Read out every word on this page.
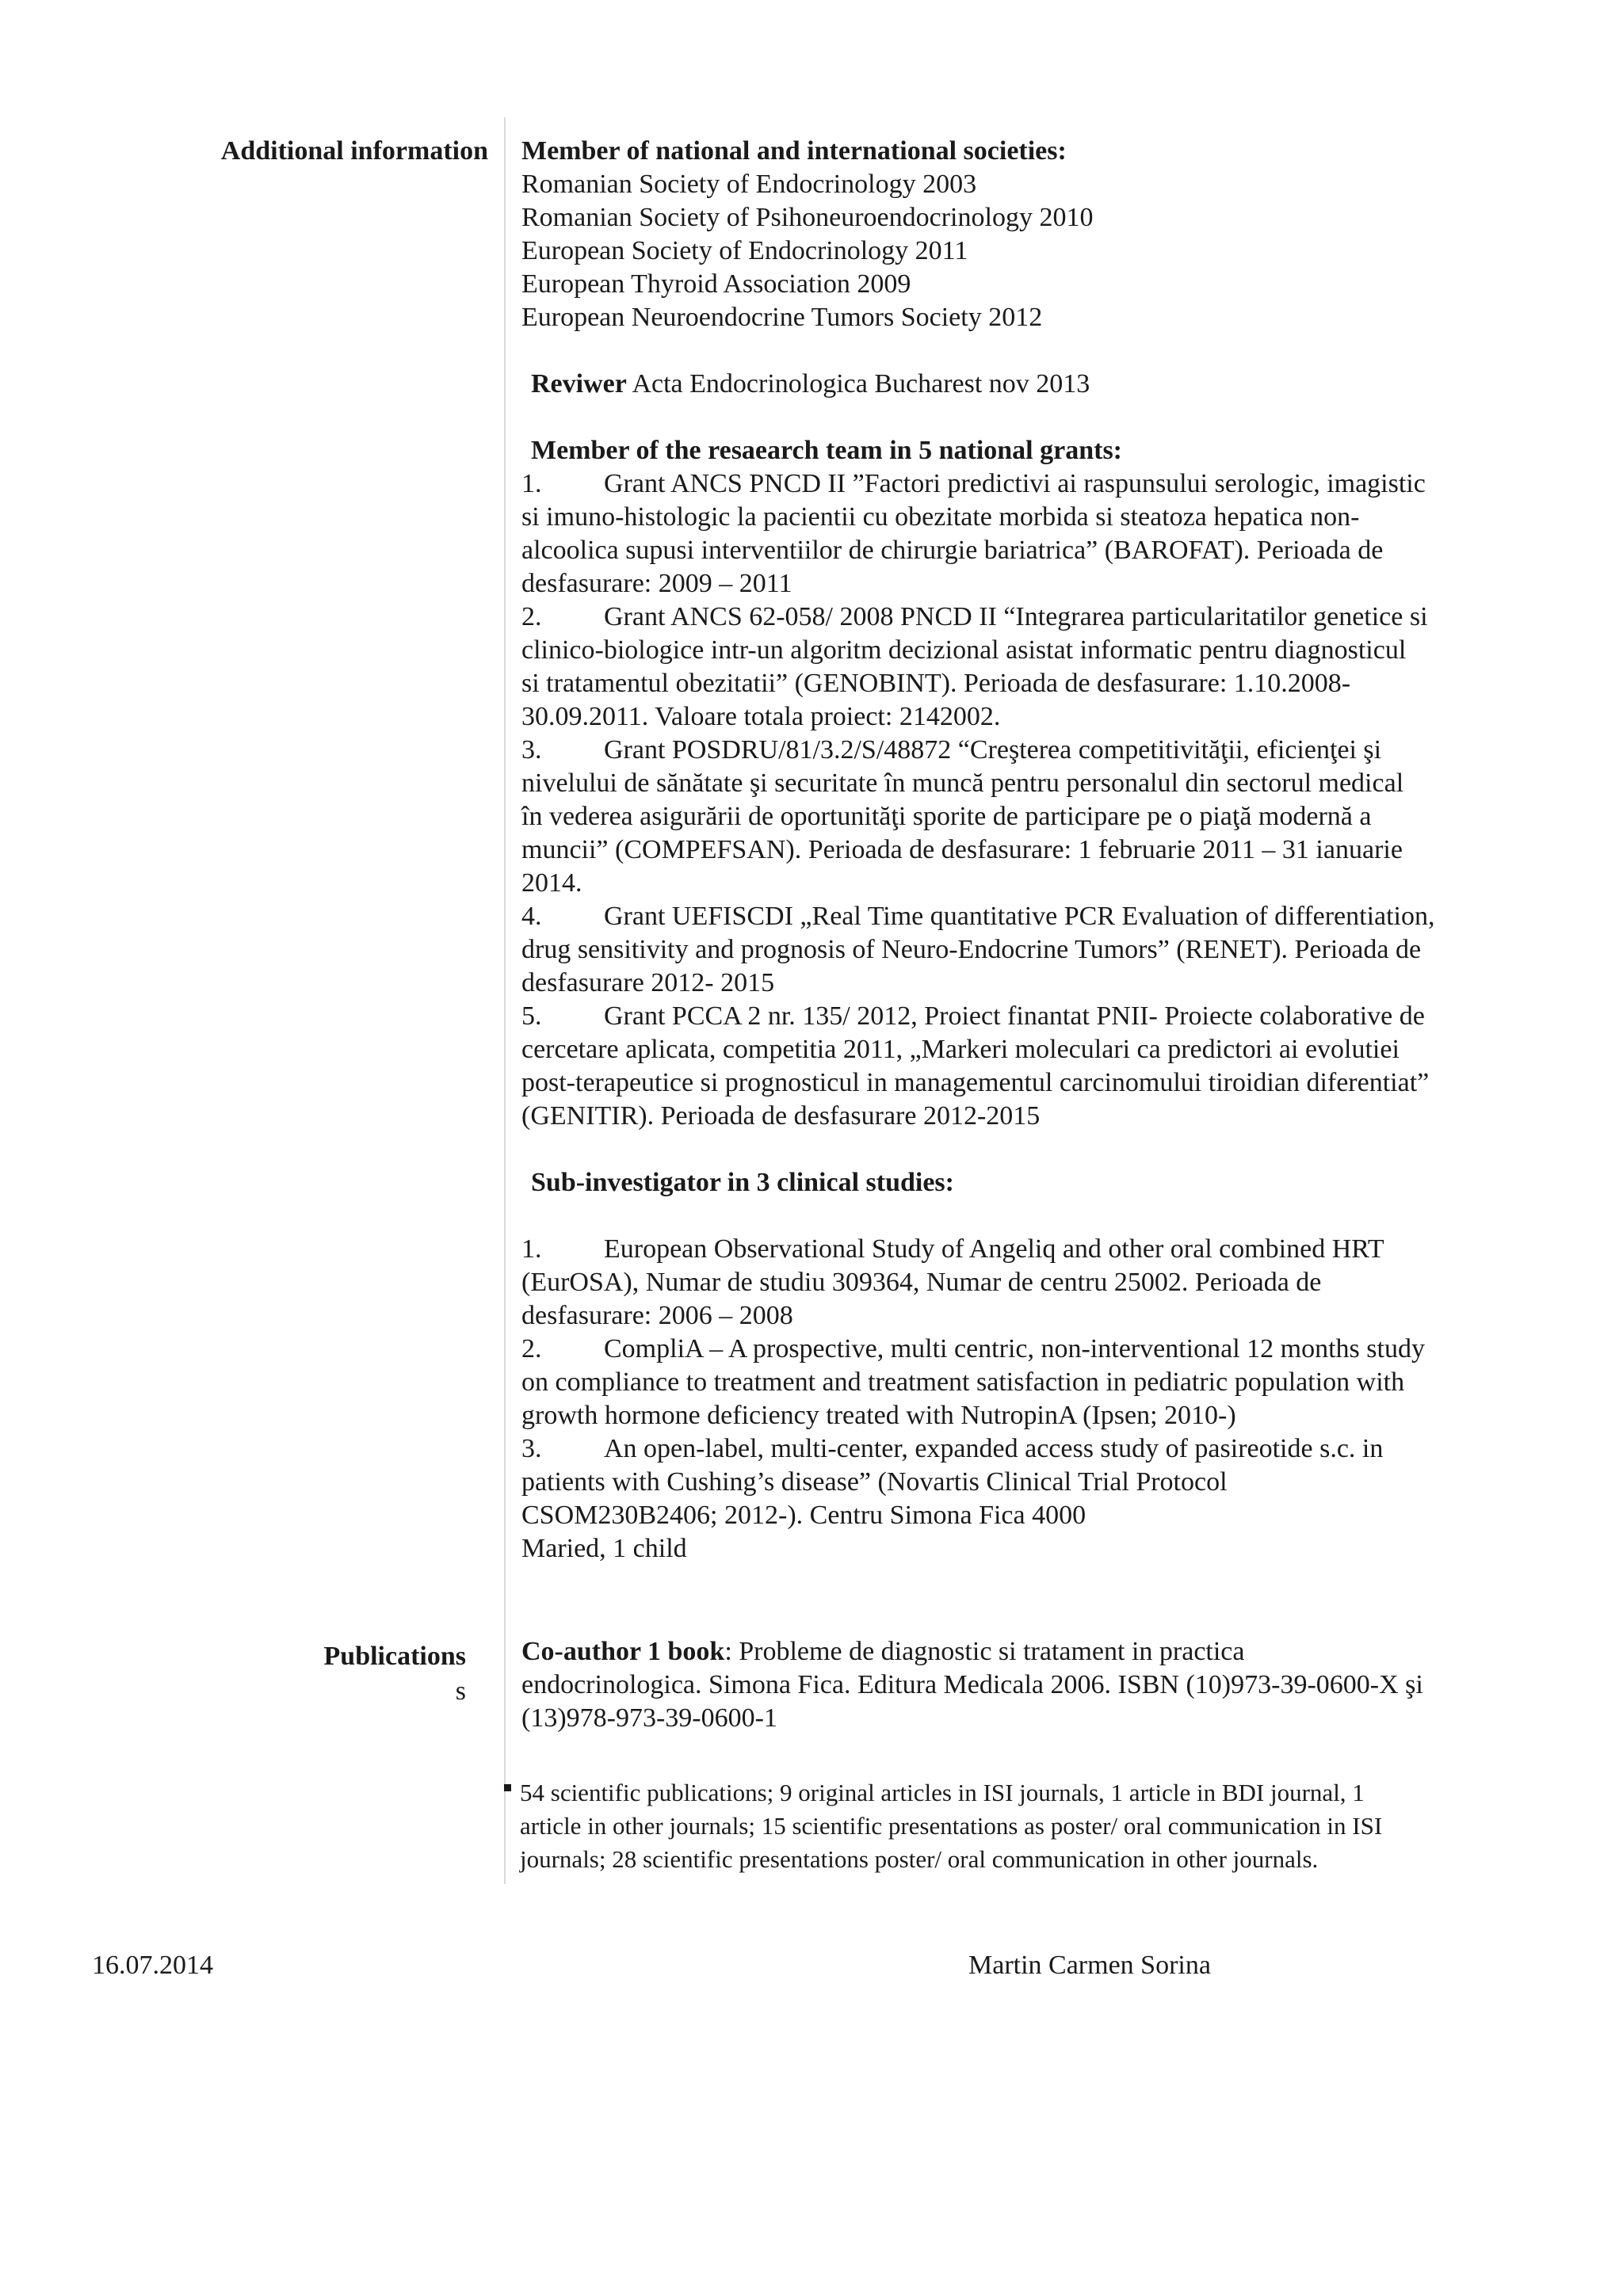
Additional information Member of national and international societies:
Romanian Society of Endocrinology 2003
Romanian Society of Psihoneuroendocrinology 2010
European Society of Endocrinology 2011
European Thyroid Association 2009
European Neuroendocrine Tumors Society 2012
Reviwer Acta Endocrinologica Bucharest nov 2013
Member of the resaearch team in 5 national grants:
1. Grant ANCS PNCD II ”Factori predictivi ai raspunsului serologic, imagistic
si imuno-histologic la pacientii cu obezitate morbida si steatoza hepatica non-
alcoolica supusi interventiilor de chirurgie bariatrica” (BAROFAT). Perioada de
desfasurare: 2009 – 2011
2. Grant ANCS 62-058/ 2008 PNCD II “Integrarea particularitatilor genetice si
clinico-biologice intr-un algoritm decizional asistat informatic pentru diagnosticul
si tratamentul obezitatii” (GENOBINT). Perioada de desfasurare: 1.10.2008-
30.09.2011. Valoare totala proiect: 2142002.
3. Grant POSDRU/81/3.2/S/48872 “Creşterea competitivităţii, eficienţei şi
nivelului de sănătate şi securitate în muncă pentru personalul din sectorul medical
în vederea asigurării de oportunităţi sporite de participare pe o piaţă modernă a
muncii” (COMPEFSAN). Perioada de desfasurare: 1 februarie 2011 – 31 ianuarie
2014.
4. Grant UEFISCDI „Real Time quantitative PCR Evaluation of differentiation,
drug sensitivity and prognosis of Neuro-Endocrine Tumors” (RENET). Perioada de
desfasurare 2012- 2015
5. Grant PCCA 2 nr. 135/ 2012, Proiect finantat PNII- Proiecte colaborative de
cercetare aplicata, competitia 2011, „Markeri moleculari ca predictori ai evolutiei
post-terapeutice si prognosticul in managementul carcinomului tiroidian diferentiat”
(GENITIR). Perioada de desfasurare 2012-2015
Sub-investigator in 3 clinical studies:
1. European Observational Study of Angeliq and other oral combined HRT
(EurOSA), Numar de studiu 309364, Numar de centru 25002. Perioada de
desfasurare: 2006 – 2008
2. CompliA – A prospective, multi centric, non-interventional 12 months study
on compliance to treatment and treatment satisfaction in pediatric population with
growth hormone deficiency treated with NutropinA (Ipsen; 2010-)
3. An open-label, multi-center, expanded access study of pasireotide s.c. in
patients with Cushing’s disease” (Novartis Clinical Trial Protocol
CSOM230B2406; 2012-). Centru Simona Fica 4000
Maried, 1 child
Publications
s
Co-author 1 book: Probleme de diagnostic si tratament in practica
endocrinologica. Simona Fica. Editura Medicala 2006. ISBN (10)973-39-0600-X şi
(13)978-973-39-0600-1
54 scientific publications; 9 original articles in ISI journals, 1 article in BDI journal, 1
article in other journals; 15 scientific presentations as poster/ oral communication in ISI
journals; 28 scientific presentations poster/ oral communication in other journals.
16.07.2014	Martin Carmen Sorina
